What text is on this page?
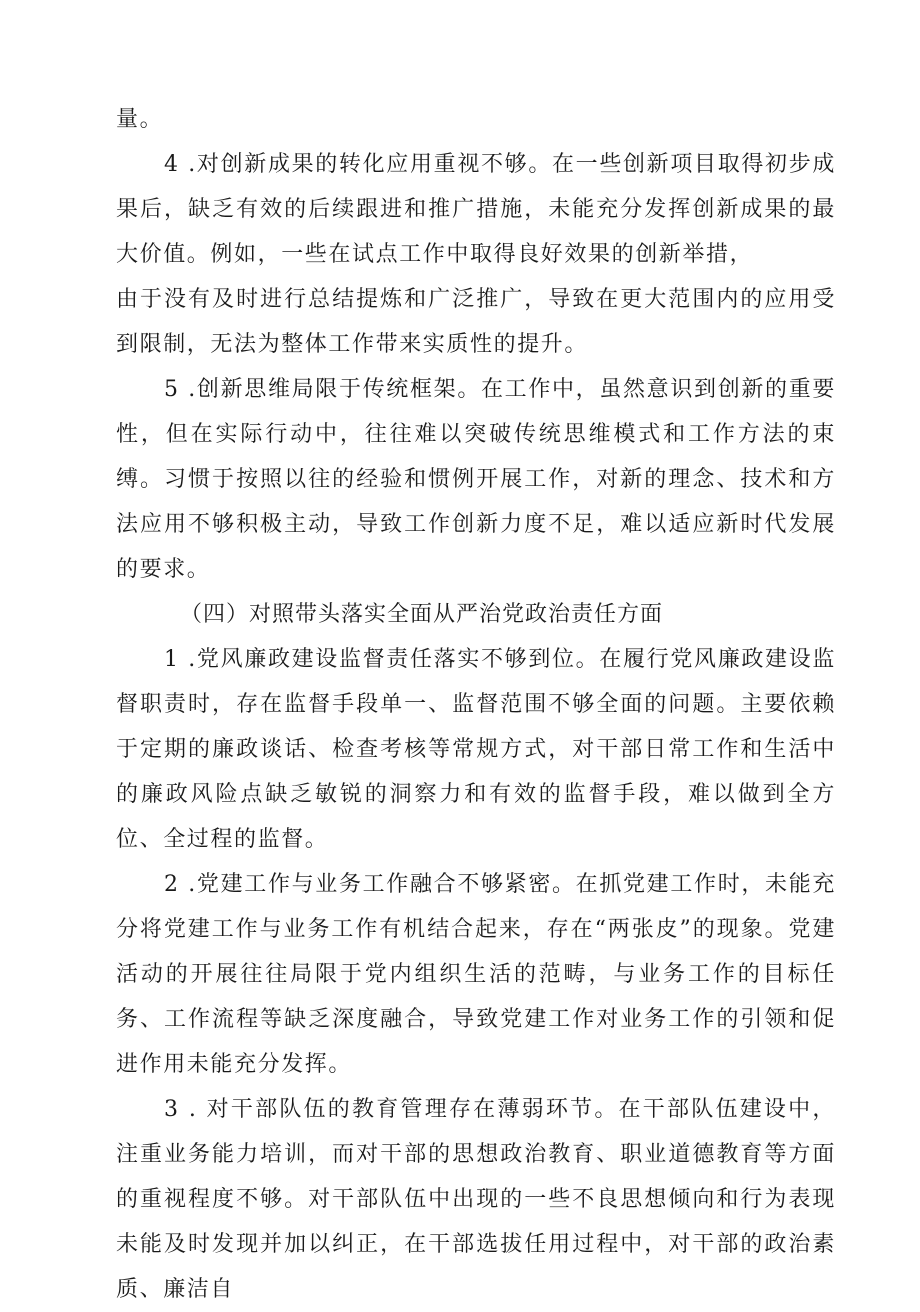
量。

4 .对创新成果的转化应用重视不够。在一些创新项目取得初步成果后，缺乏有效的后续跟进和推广措施，未能充分发挥创新成果的最大价值。例如，一些在试点工作中取得良好效果的创新举措，

由于没有及时进行总结提炼和广泛推广，导致在更大范围内的应用受到限制，无法为整体工作带来实质性的提升。

5 .创新思维局限于传统框架。在工作中，虽然意识到创新的重要性，但在实际行动中，往往难以突破传统思维模式和工作方法的束缚。习惯于按照以往的经验和惯例开展工作，对新的理念、技术和方法应用不够积极主动，导致工作创新力度不足，难以适应新时代发展的要求。

（四）对照带头落实全面从严治党政治责任方面

1 .党风廉政建设监督责任落实不够到位。在履行党风廉政建设监督职责时，存在监督手段单一、监督范围不够全面的问题。主要依赖于定期的廉政谈话、检查考核等常规方式，对干部日常工作和生活中的廉政风险点缺乏敏锐的洞察力和有效的监督手段，难以做到全方位、全过程的监督。

2 .党建工作与业务工作融合不够紧密。在抓党建工作时，未能充分将党建工作与业务工作有机结合起来，存在“两张皮”的现象。党建活动的开展往往局限于党内组织生活的范畴，与业务工作的目标任务、工作流程等缺乏深度融合，导致党建工作对业务工作的引领和促进作用未能充分发挥。

3 . 对干部队伍的教育管理存在薄弱环节。在干部队伍建设中，注重业务能力培训，而对干部的思想政治教育、职业道德教育等方面的重视程度不够。对干部队伍中出现的一些不良思想倾向和行为表现未能及时发现并加以纠正，在干部选拔任用过程中，对干部的政治素质、廉洁自
